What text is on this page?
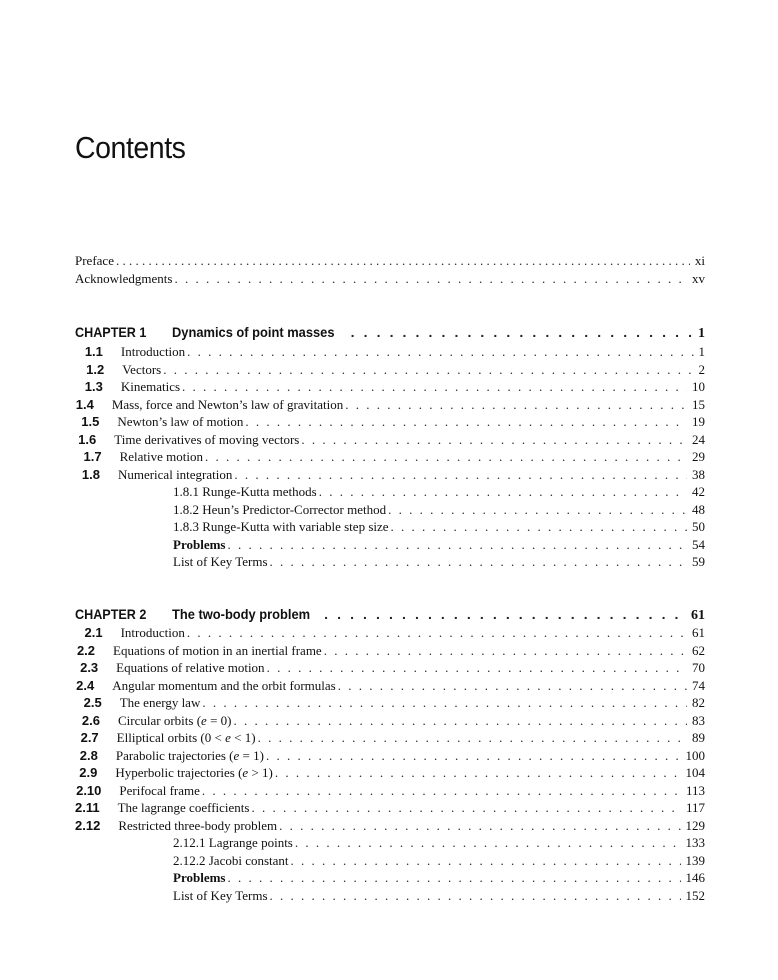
Contents
Preface . . .	xi
Acknowledgments . . .	xv
CHAPTER 1 Dynamics of point masses . . .	1
1.1	Introduction . . .	1
1.2	Vectors . . .	2
1.3	Kinematics . . .	10
1.4	Mass, force and Newton’s law of gravitation . . .	15
1.5	Newton’s law of motion . . .	19
1.6	Time derivatives of moving vectors . . .	24
1.7	Relative motion . . .	29
1.8	Numerical integration . . .	38
1.8.1 Runge-Kutta methods . . .	42
1.8.2 Heun’s Predictor-Corrector method . . .	48
1.8.3 Runge-Kutta with variable step size . . .	50
Problems . . .	54
List of Key Terms . . .	59
CHAPTER 2 The two-body problem . . .	61
2.1	Introduction . . .	61
2.2	Equations of motion in an inertial frame . . .	62
2.3	Equations of relative motion . . .	70
2.4	Angular momentum and the orbit formulas . . .	74
2.5	The energy law . . .	82
2.6	Circular orbits (e = 0) . . .	83
2.7	Elliptical orbits (0 < e < 1) . . .	89
2.8	Parabolic trajectories (e = 1) . . .	100
2.9	Hyperbolic trajectories (e > 1) . . .	104
2.10	Perifocal frame . . .	113
2.11	The lagrange coefficients . . .	117
2.12	Restricted three-body problem . . .	129
2.12.1 Lagrange points . . .	133
2.12.2 Jacobi constant . . .	139
Problems . . .	146
List of Key Terms . . .	152
